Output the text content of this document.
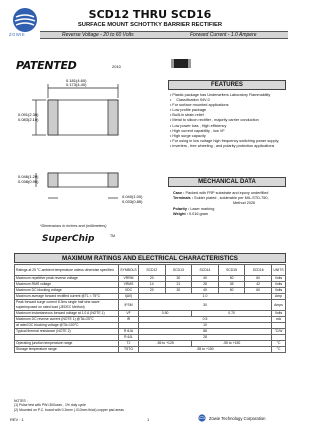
ZOWIE
SCD12 THRU SCD16
SURFACE MOUNT SCHOTTKY BARRIER RECTIFIER
Reverse Voltage - 20 to 60 Volts	Forward Current - 1.0 Ampere
PATENTED	2010
FEATURES
• Plastic package has Underwriters Laboratory Flammability
• Classification 94V-0
• For surface mounted applications
• Low profile package
• Built-in strain relief
• Metal to silicon rectifier , majority carrier conduction
• Low power loss , High efficiency
• High current capability , low VF
• High surge capacity
• For using in low voltage high frequency switching power supply,
• inverters , free wheeling , and polarity protection applications
MECHANICAL DATA
Case : Packed with FRP substrate and epoxy underfilled
Terminals : Solder plated , solderable per MIL-STD-750,
Method 2026
Polarity : Laser marking
Weight : 0.016 gram
0.181(4.60)
0.173(4.40)
0.091(2.30)
0.083(2.10)
0.046(1.20)
0.038(0.95)
0.040(1.00)
0.033(0.85)
*Dimensions in inches and (millimeters)
SuperChip	TM
MAXIMUM RATINGS AND ELECTRICAL CHARACTERISTICS
Ratings at 25 °C ambient temperature unless otherwise specified.	SYMBOLS	SCD12	SCD13	SCD14	SCD15	SCD16	UNITS
Maximum repetitive peak reverse voltage	VRRM	20	30	40	50	60	Volts
Maximum RMS voltage	VRMS	14	21	28	35	42	Volts
Maximum DC blocking voltage	VDC	20	30	40	50	60	Volts
Maximum average forward rectified current @TL = 75°C	I(AV)	1.0					Amp
Peak forward surge current 8.3ms single half sine-wave superimposed on rated load (JEDEC Method)	IFSM	30					Amps
Maximum instantaneous forward voltage at 1.0 A (NOTE 1)	VF	0.50		0.70			Volts
Maximum DC reverse current (NOTE 1) @TA=25°C	IR	0.5					mA
at rated DC blocking voltage @TA=100°C		10					
Typical thermal resistance (NOTE 2)	R θJA	88					°C/W
	R θJL	28					
Operating junction temperature range	TJ	-55 to +125		-55 to +150			°C
Storage temperature range	TSTG	-55 to +150					°C
NOTES :
(1) Pulse test with PW=300usec , 1% duty cycle
(2) Mounted on P.C. board with 0.2mm² (.013mm thick) copper pad areas
REV : 1	1	Zowie Technology Corporation
